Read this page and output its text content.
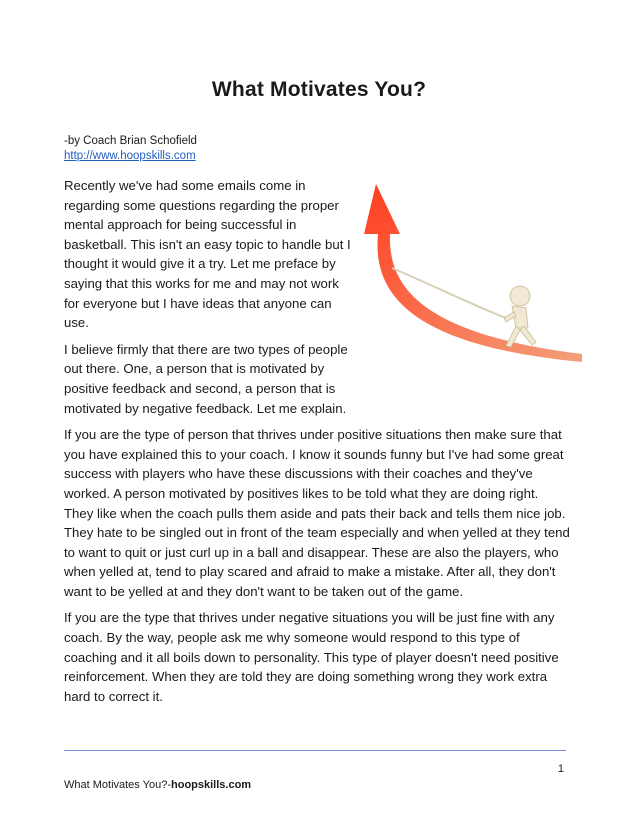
What Motivates You?
-by Coach Brian Schofield
http://www.hoopskills.com

Recently we've had some emails come in regarding some questions regarding the proper mental approach for being successful in basketball. This isn't an easy topic to handle but I thought it would give it a try. Let me preface by saying that this works for me and may not work for everyone but I have ideas that anyone can use.

I believe firmly that there are two types of people out there. One, a person that is motivated by positive feedback and second, a person that is motivated by negative feedback. Let me explain.

If you are the type of person that thrives under positive situations then make sure that you have explained this to your coach. I know it sounds funny but I've had some great success with players who have these discussions with their coaches and they've worked. A person motivated by positives likes to be told what they are doing right. They like when the coach pulls them aside and pats their back and tells them nice job. They hate to be singled out in front of the team especially and when yelled at they tend to want to quit or just curl up in a ball and disappear. These are also the players, who when yelled at, tend to play scared and afraid to make a mistake. After all, they don't want to be yelled at and they don't want to be taken out of the game.

If you are the type that thrives under negative situations you will be just fine with any coach. By the way, people ask me why someone would respond to this type of coaching and it all boils down to personality. This type of player doesn't need positive reinforcement. When they are told they are doing something wrong they work extra hard to correct it.

1
What Motivates You?-hoopskills.com
